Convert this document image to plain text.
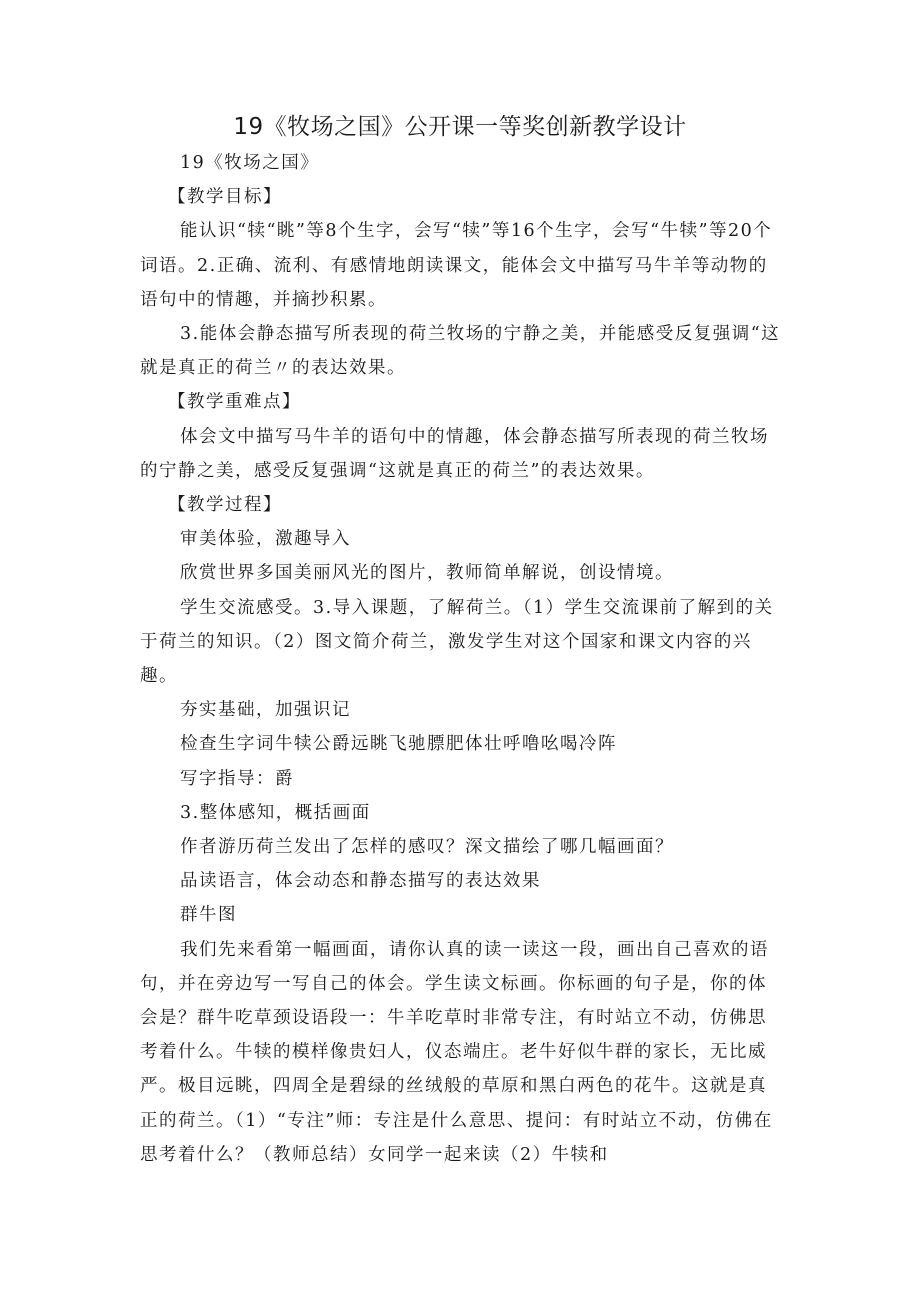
19《牧场之国》公开课一等奖创新教学设计

19《牧场之国》

【教学目标】

能认识“犊“眺”等8个生字，会写“犊”等16个生字，会写“牛犊”等20个词语。2.正确、流利、有感情地朗读课文，能体会文中描写马牛羊等动物的语句中的情趣，并摘抄积累。

3.能体会静态描写所表现的荷兰牧场的宁静之美，并能感受反复强调“这就是真正的荷兰〃的表达效果。

【教学重难点】

体会文中描写马牛羊的语句中的情趣，体会静态描写所表现的荷兰牧场的宁静之美，感受反复强调“这就是真正的荷兰”的表达效果。

【教学过程】

审美体验，激趣导入

欣赏世界多国美丽风光的图片，教师简单解说，创设情境。

学生交流感受。3.导入课题，了解荷兰。（1）学生交流课前了解到的关于荷兰的知识。（2）图文简介荷兰，激发学生对这个国家和课文内容的兴趣。

夯实基础，加强识记

检查生字词牛犊公爵远眺飞驰膘肥体壮呼噜吆喝冷阵

写字指导：爵

3.整体感知，概括画面

作者游历荷兰发出了怎样的感叹？深文描绘了哪几幅画面？

品读语言，体会动态和静态描写的表达效果

群牛图

我们先来看第一幅画面，请你认真的读一读这一段，画出自己喜欢的语句，并在旁边写一写自己的体会。学生读文标画。你标画的句子是，你的体会是？群牛吃草颈设语段一：牛羊吃草时非常专注，有时站立不动，仿佛思考着什么。牛犊的模样像贵妇人，仪态端庄。老牛好似牛群的家长，无比威严。极目远眺，四周全是碧绿的丝绒般的草原和黑白两色的花牛。这就是真正的荷兰。（1）“专注”师：专注是什么意思、提问：有时站立不动，仿佛在思考着什么？（教师总结）女同学一起来读（2）牛犊和
